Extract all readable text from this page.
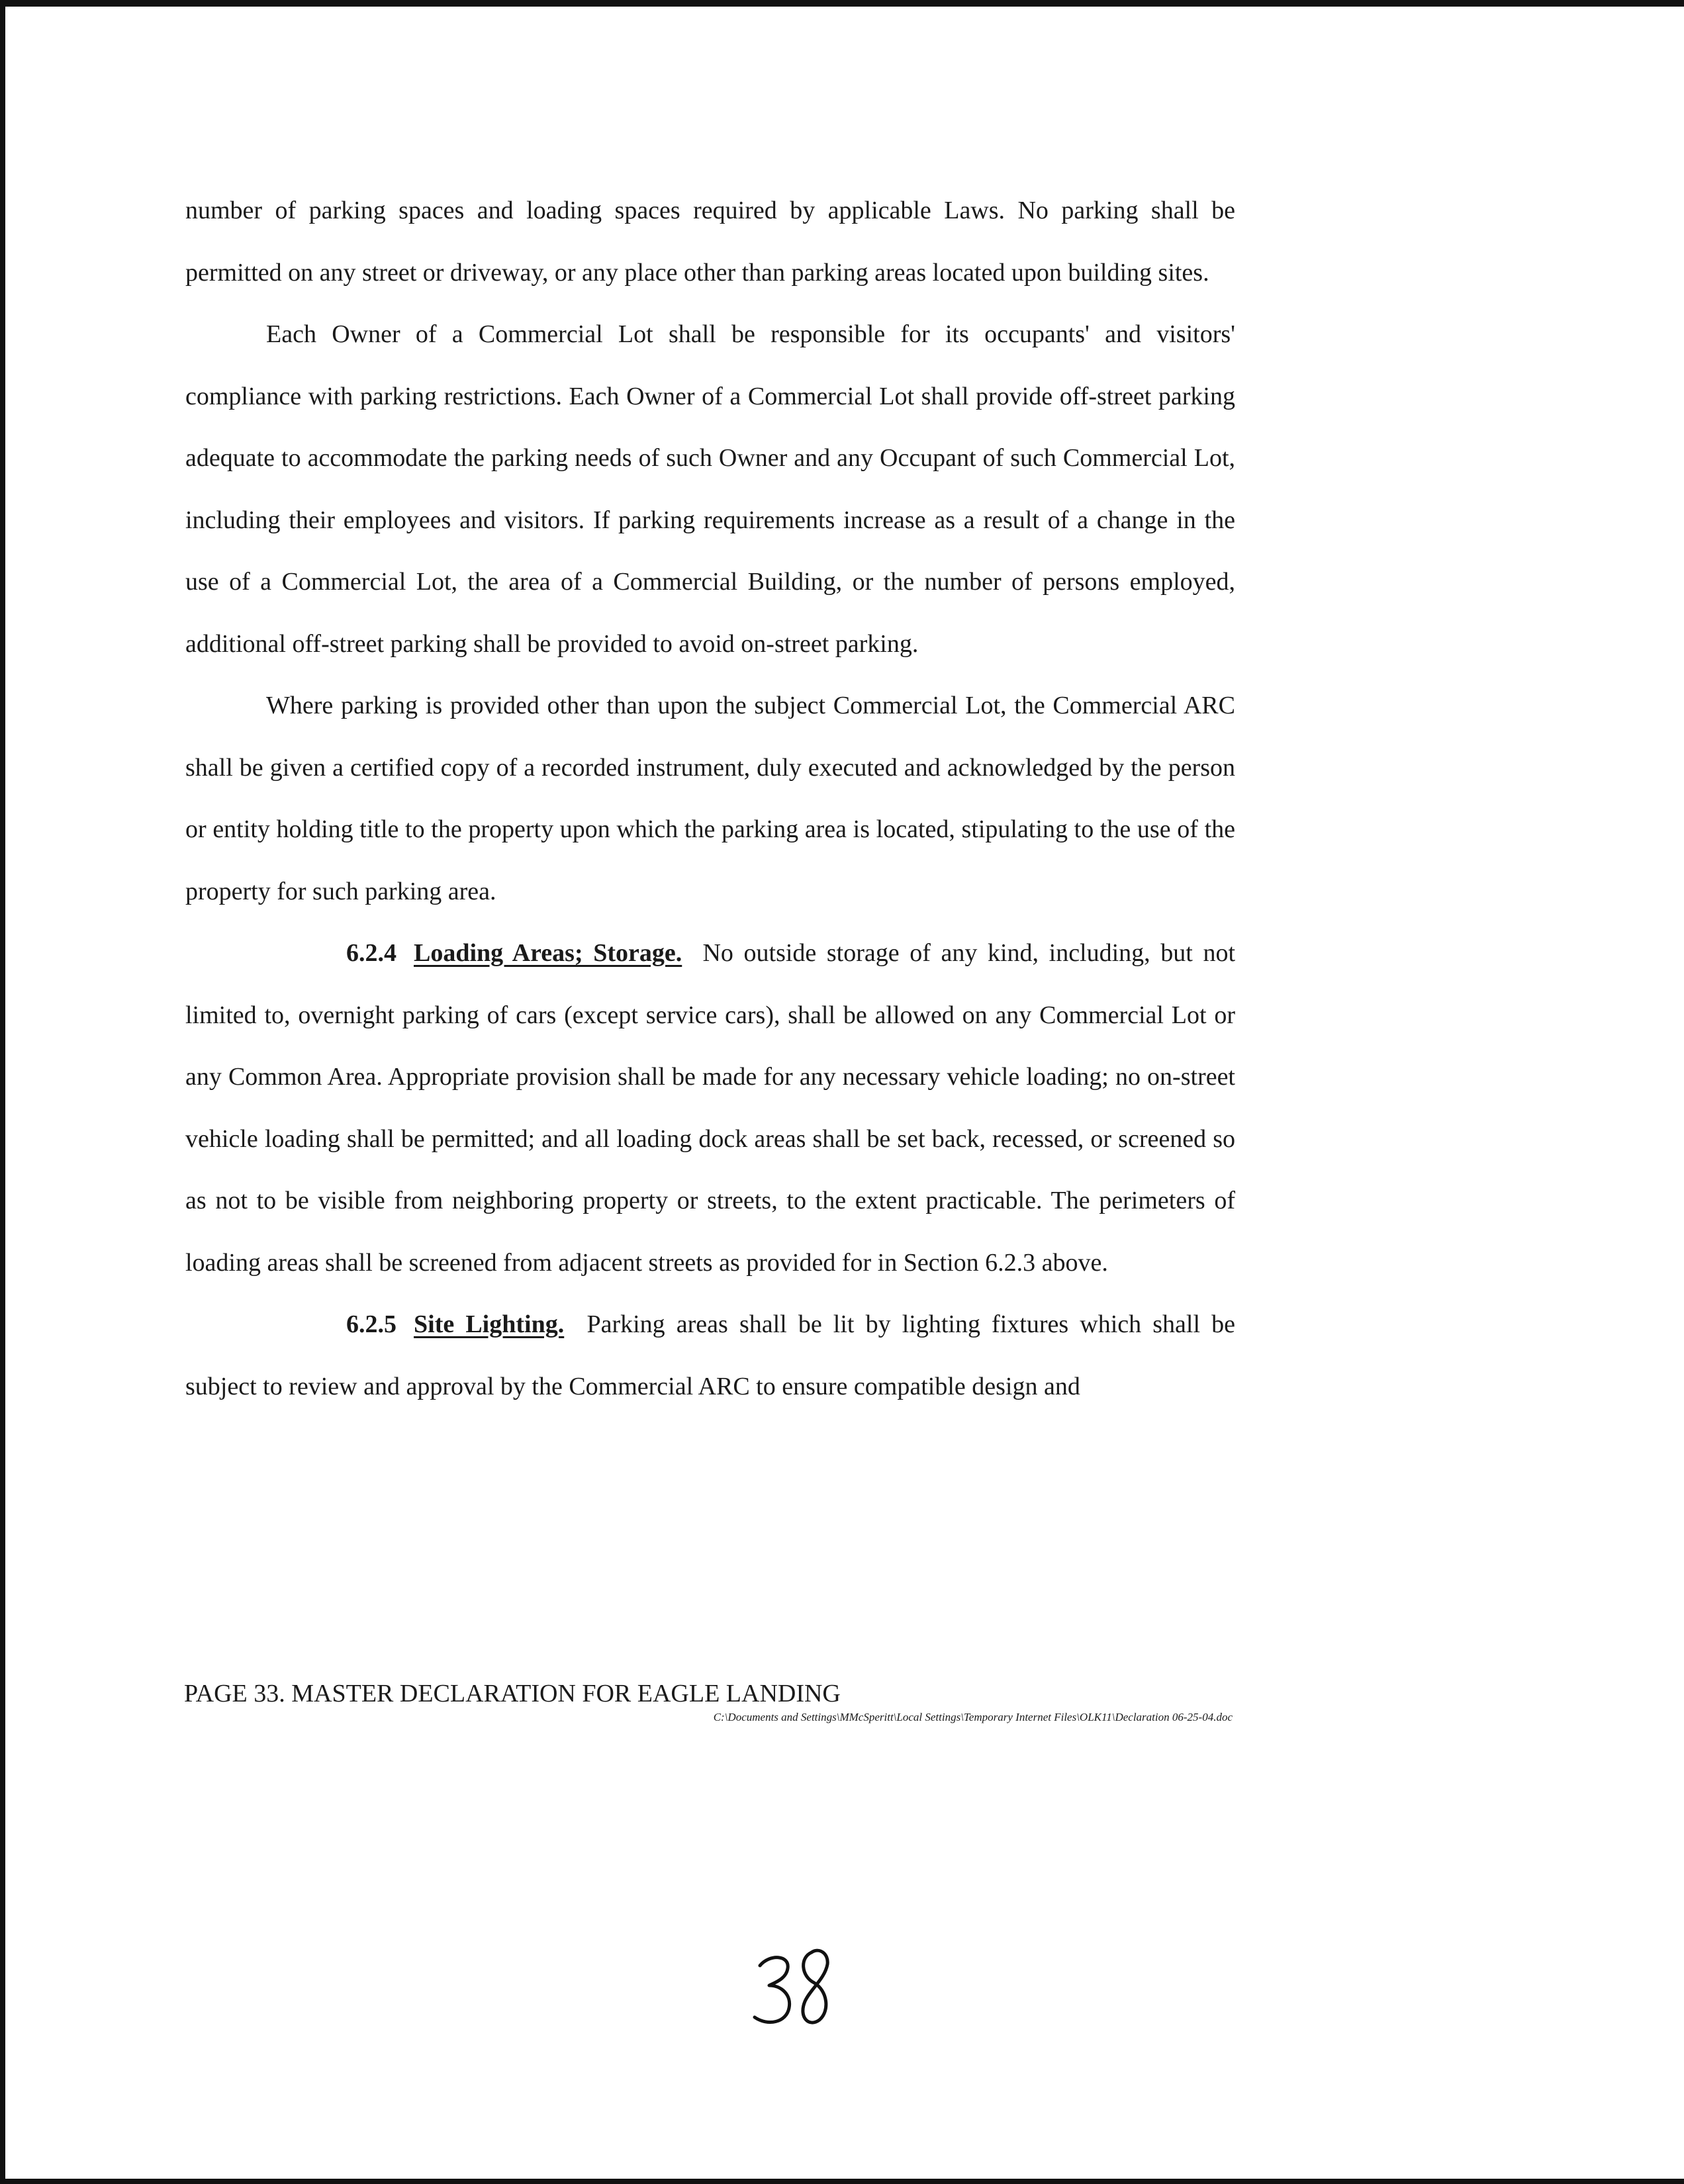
number of parking spaces and loading spaces required by applicable Laws. No parking shall be permitted on any street or driveway, or any place other than parking areas located upon building sites.

Each Owner of a Commercial Lot shall be responsible for its occupants' and visitors' compliance with parking restrictions. Each Owner of a Commercial Lot shall provide off-street parking adequate to accommodate the parking needs of such Owner and any Occupant of such Commercial Lot, including their employees and visitors. If parking requirements increase as a result of a change in the use of a Commercial Lot, the area of a Commercial Building, or the number of persons employed, additional off-street parking shall be provided to avoid on-street parking.

Where parking is provided other than upon the subject Commercial Lot, the Commercial ARC shall be given a certified copy of a recorded instrument, duly executed and acknowledged by the person or entity holding title to the property upon which the parking area is located, stipulating to the use of the property for such parking area.

6.2.4 Loading Areas; Storage. No outside storage of any kind, including, but not limited to, overnight parking of cars (except service cars), shall be allowed on any Commercial Lot or any Common Area. Appropriate provision shall be made for any necessary vehicle loading; no on-street vehicle loading shall be permitted; and all loading dock areas shall be set back, recessed, or screened so as not to be visible from neighboring property or streets, to the extent practicable. The perimeters of loading areas shall be screened from adjacent streets as provided for in Section 6.2.3 above.

6.2.5 Site Lighting. Parking areas shall be lit by lighting fixtures which shall be subject to review and approval by the Commercial ARC to ensure compatible design and

PAGE 33. MASTER DECLARATION FOR EAGLE LANDING
C:\Documents and Settings\MMcSperitt\Local Settings\Temporary Internet Files\OLK11\Declaration 06-25-04.doc
